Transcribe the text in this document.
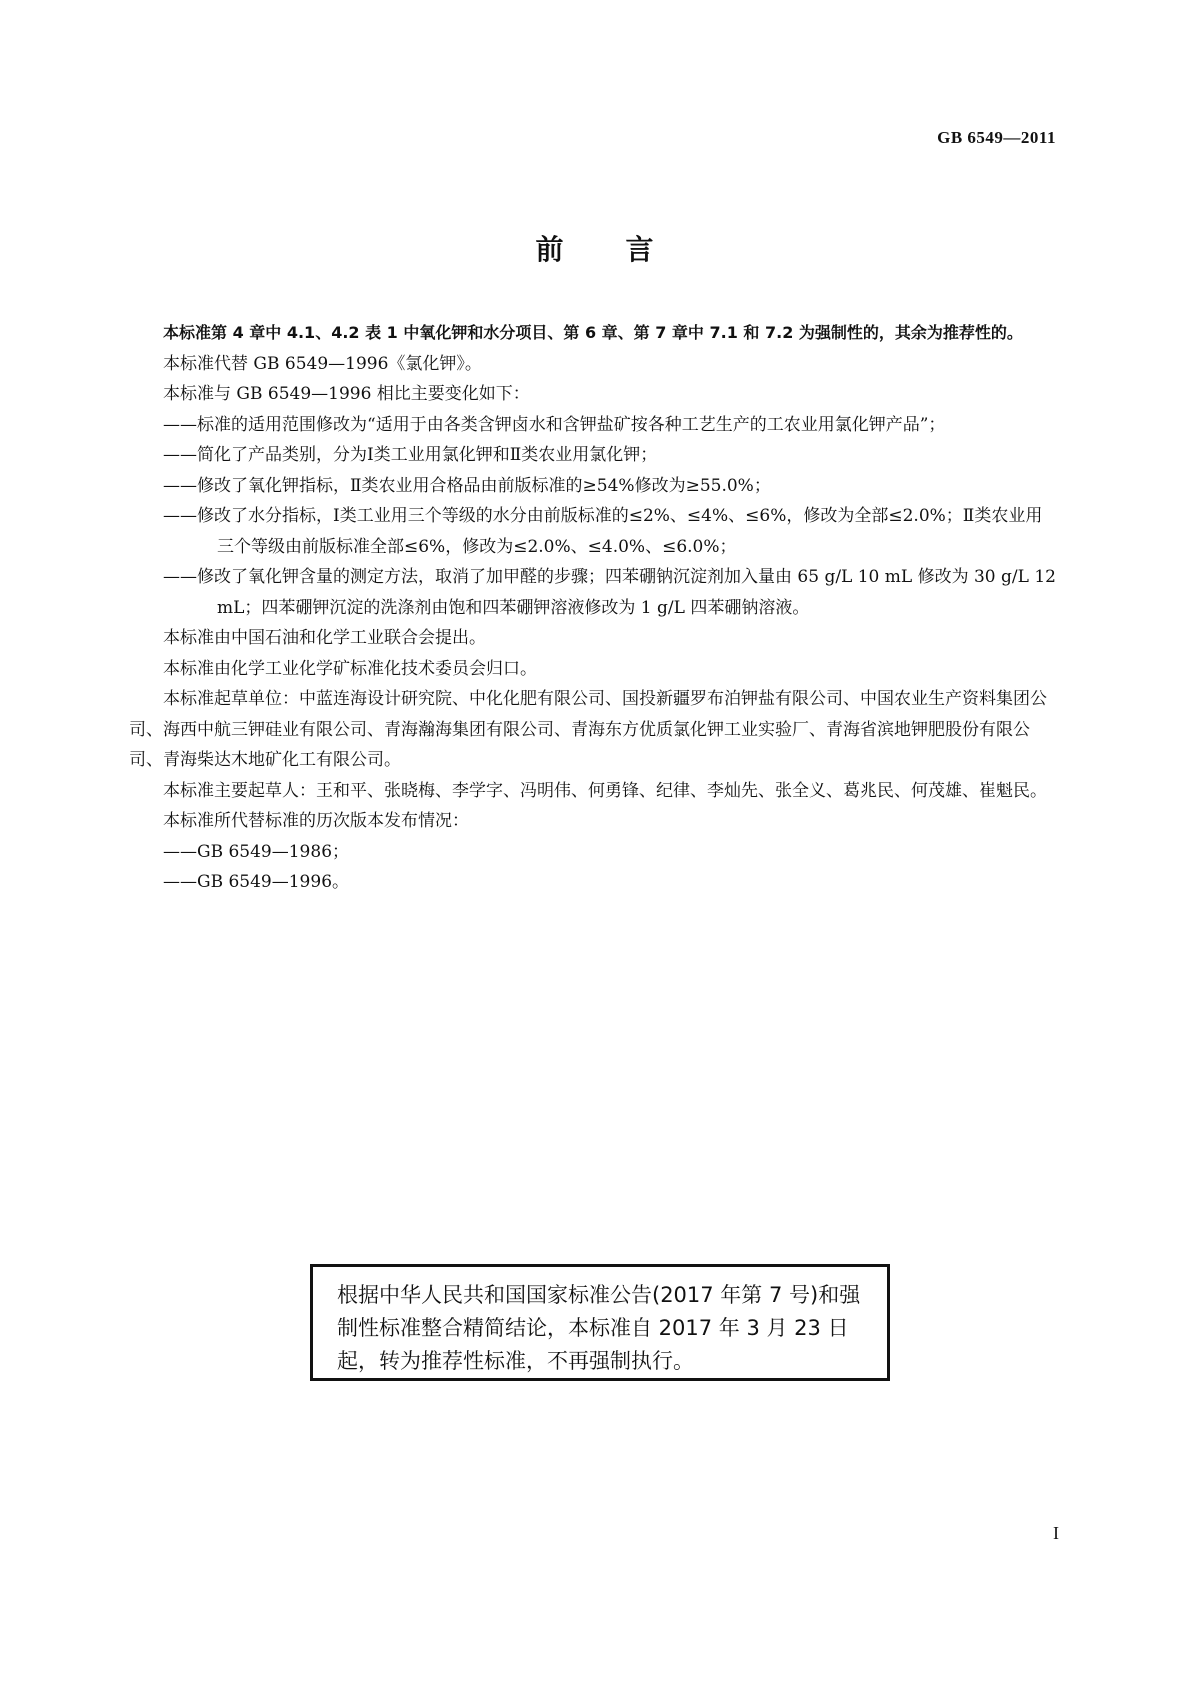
GB 6549—2011
前　　言

本标准第 4 章中 4.1、4.2 表 1 中氧化钾和水分项目、第 6 章、第 7 章中 7.1 和 7.2 为强制性的，其余为推荐性的。

本标准代替 GB 6549—1996《氯化钾》。

本标准与 GB 6549—1996 相比主要变化如下：

——标准的适用范围修改为“适用于由各类含钾卤水和含钾盐矿按各种工艺生产的工农业用氯化钾产品”；

——简化了产品类别，分为Ⅰ类工业用氯化钾和Ⅱ类农业用氯化钾；

——修改了氧化钾指标，Ⅱ类农业用合格品由前版标准的≥54%修改为≥55.0%；

——修改了水分指标，Ⅰ类工业用三个等级的水分由前版标准的≤2%、≤4%、≤6%，修改为全部≤2.0%；Ⅱ类农业用三个等级由前版标准全部≤6%，修改为≤2.0%、≤4.0%、≤6.0%；

——修改了氧化钾含量的测定方法，取消了加甲醛的步骤；四苯硼钠沉淀剂加入量由 65 g/L 10 mL 修改为 30 g/L 12 mL；四苯硼钾沉淀的洗涤剂由饱和四苯硼钾溶液修改为 1 g/L 四苯硼钠溶液。

本标准由中国石油和化学工业联合会提出。

本标准由化学工业化学矿标准化技术委员会归口。

本标准起草单位：中蓝连海设计研究院、中化化肥有限公司、国投新疆罗布泊钾盐有限公司、中国农业生产资料集团公司、海西中航三钾硅业有限公司、青海瀚海集团有限公司、青海东方优质氯化钾工业实验厂、青海省滨地钾肥股份有限公司、青海柴达木地矿化工有限公司。

本标准主要起草人：王和平、张晓梅、李学字、冯明伟、何勇锋、纪律、李灿先、张全义、葛兆民、何茂雄、崔魁民。

本标准所代替标准的历次版本发布情况：

——GB 6549—1986；

——GB 6549—1996。

根据中华人民共和国国家标准公告(2017 年第 7 号)和强制性标准整合精简结论，本标准自 2017 年 3 月 23 日起，转为推荐性标准，不再强制执行。
I
